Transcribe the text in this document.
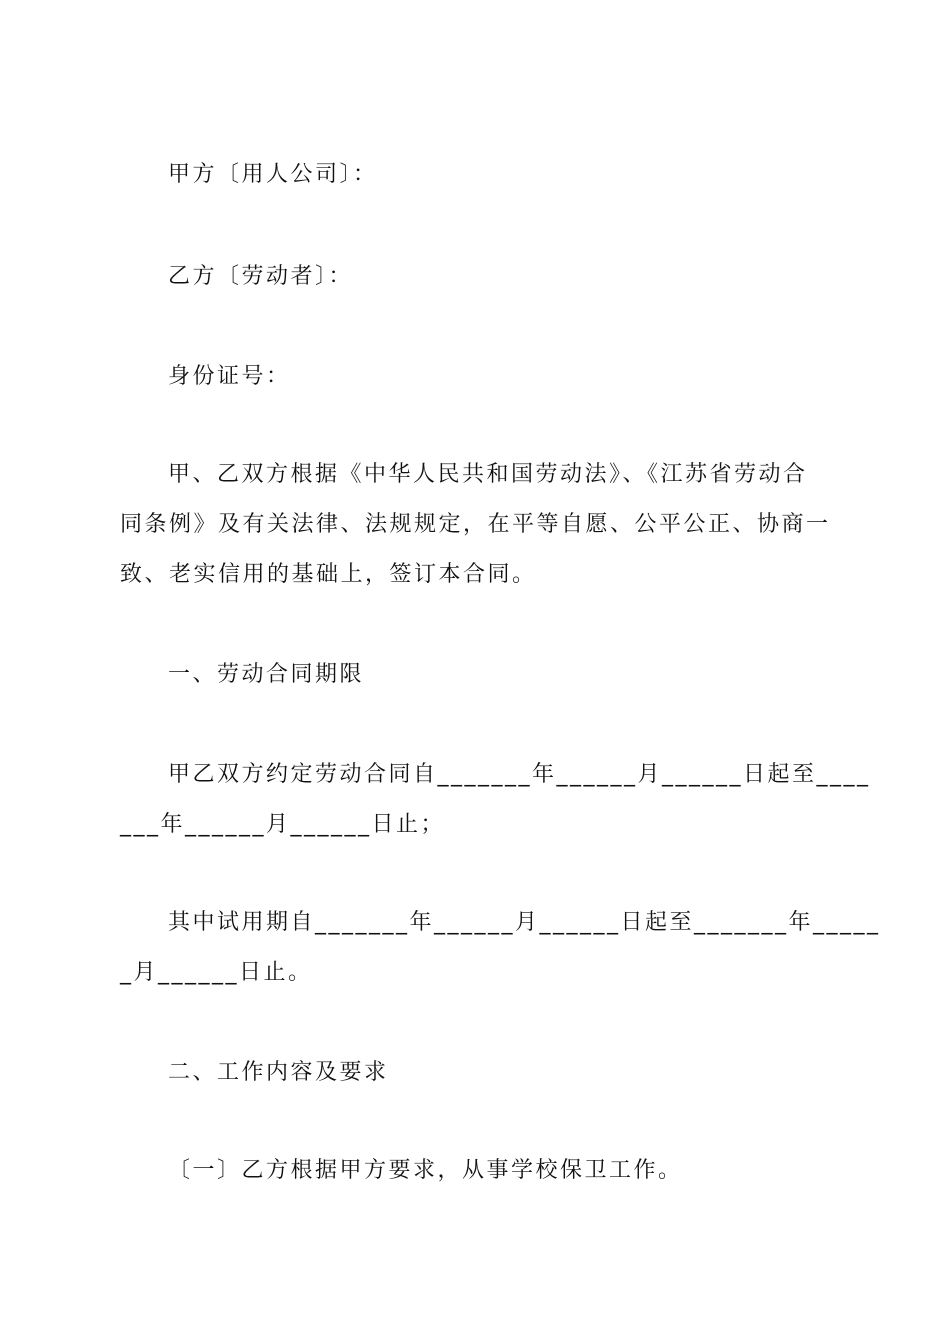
甲方〔用人公司〕：
乙方〔劳动者〕：
身份证号：
甲、乙双方根据《中华人民共和国劳动法》、《江苏省劳动合
同条例》及有关法律、法规规定，在平等自愿、公平公正、协商一
致、老实信用的基础上，签订本合同。
一、劳动合同期限
甲乙双方约定劳动合同自_______年______月______日起至____
___年______月______日止；
其中试用期自_______年______月______日起至_______年_____
_月______日止。
二、工作内容及要求
〔一〕乙方根据甲方要求，从事学校保卫工作。
